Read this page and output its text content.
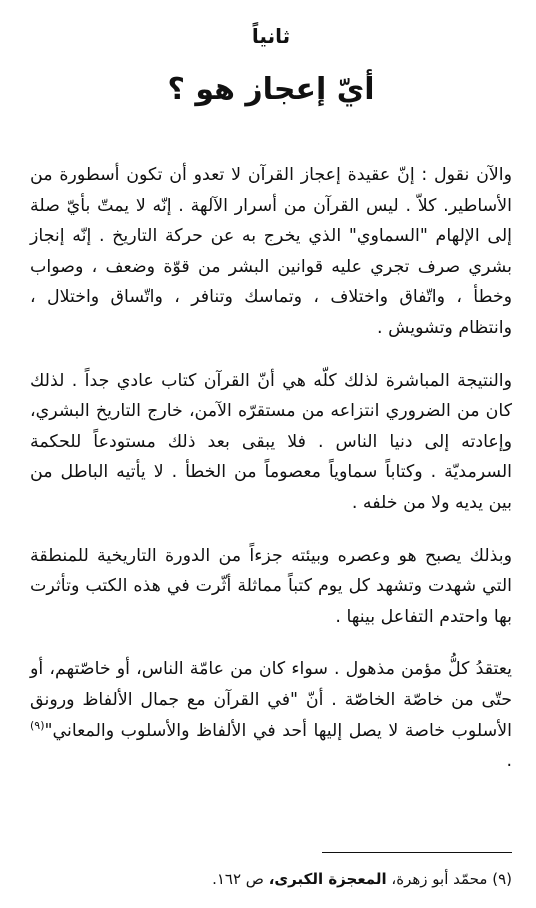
ثانياً

أيّ إعجاز هو ؟

والآن نقول : إنّ عقيدة إعجاز القرآن لا تعدو أن تكون أسطورة من الأساطير. كلاّ . ليس القرآن من أسرار الآلهة . إنّه لا يمتّ بأيّ صلة إلى الإلهام "السماوي" الذي يخرج به عن حركة التاريخ . إنّه إنجاز بشري صرف تجري عليه قوانين البشر من قوّة وضعف ، وصواب وخطأ ، واتّفاق واختلاف ، وتماسك وتنافر ، واتّساق واختلال ، وانتظام وتشويش .

والنتيجة المباشرة لذلك كلّه هي أنّ القرآن كتاب عادي جداً . لذلك كان من الضروري انتزاعه من مستقرّه الآمن، خارج التاريخ البشري، وإعادته إلى دنيا الناس . فلا يبقى بعد ذلك مستودعاً للحكمة السرمديّة . وكتاباً سماوياً معصوماً من الخطأ . لا يأتيه الباطل من بين يديه ولا من خلفه .

وبذلك يصبح هو وعصره وبيئته جزءاً من الدورة التاريخية للمنطقة التي شهدت وتشهد كل يوم كتباً مماثلة أثّرت في هذه الكتب وتأثرت بها واحتدم التفاعل بينها .

يعتقدُ كلُّ مؤمن مذهول . سواء كان من عامّة الناس، أو خاصّتهم، أو حتّى من خاصّة الخاصّة . أنّ "في القرآن مع جمال الألفاظ ورونق الأسلوب خاصة لا يصل إليها أحد في الألفاظ والأسلوب والمعاني"$^{(٩)}$ .

(٩) محمّد أبو زهرة، المعجزة الكبرى، ص ١٦٢.
